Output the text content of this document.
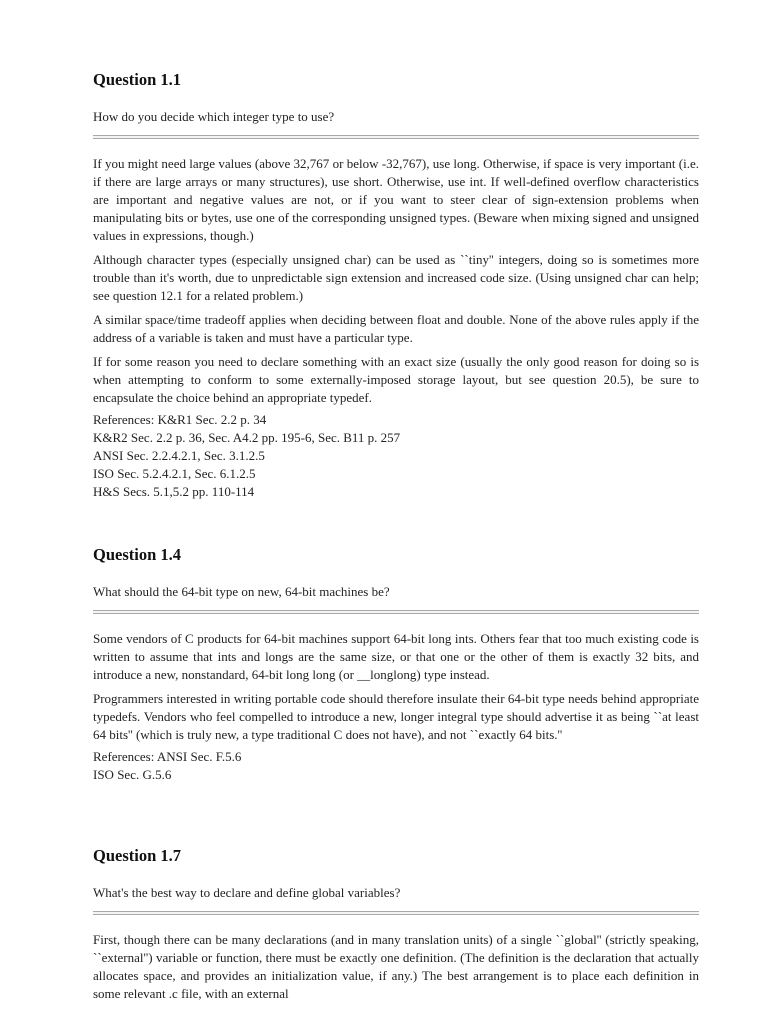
Question 1.1

How do you decide which integer type to use?

If you might need large values (above 32,767 or below -32,767), use long. Otherwise, if space is very important (i.e. if there are large arrays or many structures), use short. Otherwise, use int. If well-defined overflow characteristics are important and negative values are not, or if you want to steer clear of sign-extension problems when manipulating bits or bytes, use one of the corresponding unsigned types. (Beware when mixing signed and unsigned values in expressions, though.)

Although character types (especially unsigned char) can be used as ``tiny'' integers, doing so is sometimes more trouble than it's worth, due to unpredictable sign extension and increased code size. (Using unsigned char can help; see question 12.1 for a related problem.)

A similar space/time tradeoff applies when deciding between float and double. None of the above rules apply if the address of a variable is taken and must have a particular type.

If for some reason you need to declare something with an exact size (usually the only good reason for doing so is when attempting to conform to some externally-imposed storage layout, but see question 20.5), be sure to encapsulate the choice behind an appropriate typedef.

References: K&R1 Sec. 2.2 p. 34

K&R2 Sec. 2.2 p. 36, Sec. A4.2 pp. 195-6, Sec. B11 p. 257

ANSI Sec. 2.2.4.2.1, Sec. 3.1.2.5

ISO Sec. 5.2.4.2.1, Sec. 6.1.2.5

H&S Secs. 5.1,5.2 pp. 110-114

Question 1.4

What should the 64-bit type on new, 64-bit machines be?

Some vendors of C products for 64-bit machines support 64-bit long ints. Others fear that too much existing code is written to assume that ints and longs are the same size, or that one or the other of them is exactly 32 bits, and introduce a new, nonstandard, 64-bit long long (or __longlong) type instead.

Programmers interested in writing portable code should therefore insulate their 64-bit type needs behind appropriate typedefs. Vendors who feel compelled to introduce a new, longer integral type should advertise it as being ``at least 64 bits'' (which is truly new, a type traditional C does not have), and not ``exactly 64 bits.''

References: ANSI Sec. F.5.6

ISO Sec. G.5.6

Question 1.7

What's the best way to declare and define global variables?

First, though there can be many declarations (and in many translation units) of a single ``global'' (strictly speaking, ``external'') variable or function, there must be exactly one definition. (The definition is the declaration that actually allocates space, and provides an initialization value, if any.) The best arrangement is to place each definition in some relevant .c file, with an external
